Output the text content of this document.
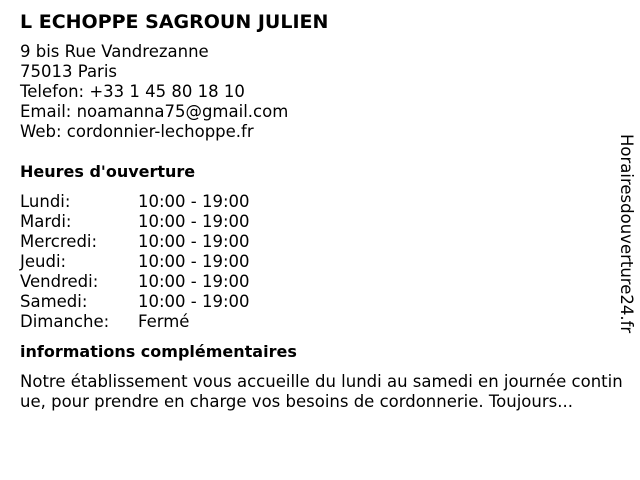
L ECHOPPE SAGROUN JULIEN
9 bis Rue Vandrezanne
75013 Paris
Telefon: +33 1 45 80 18 10
Email: noamanna75@gmail.com
Web: cordonnier-lechoppe.fr
Heures d'ouverture
Lundi:	10:00 - 19:00
Mardi:	10:00 - 19:00
Mercredi:	10:00 - 19:00
Jeudi:	10:00 - 19:00
Vendredi:	10:00 - 19:00
Samedi:	10:00 - 19:00
Dimanche:	Fermé
informations complémentaires
Notre établissement vous accueille du lundi au samedi en journée continue, pour prendre en charge vos besoins de cordonnerie. Toujours...
Horairesdouverture24.fr
